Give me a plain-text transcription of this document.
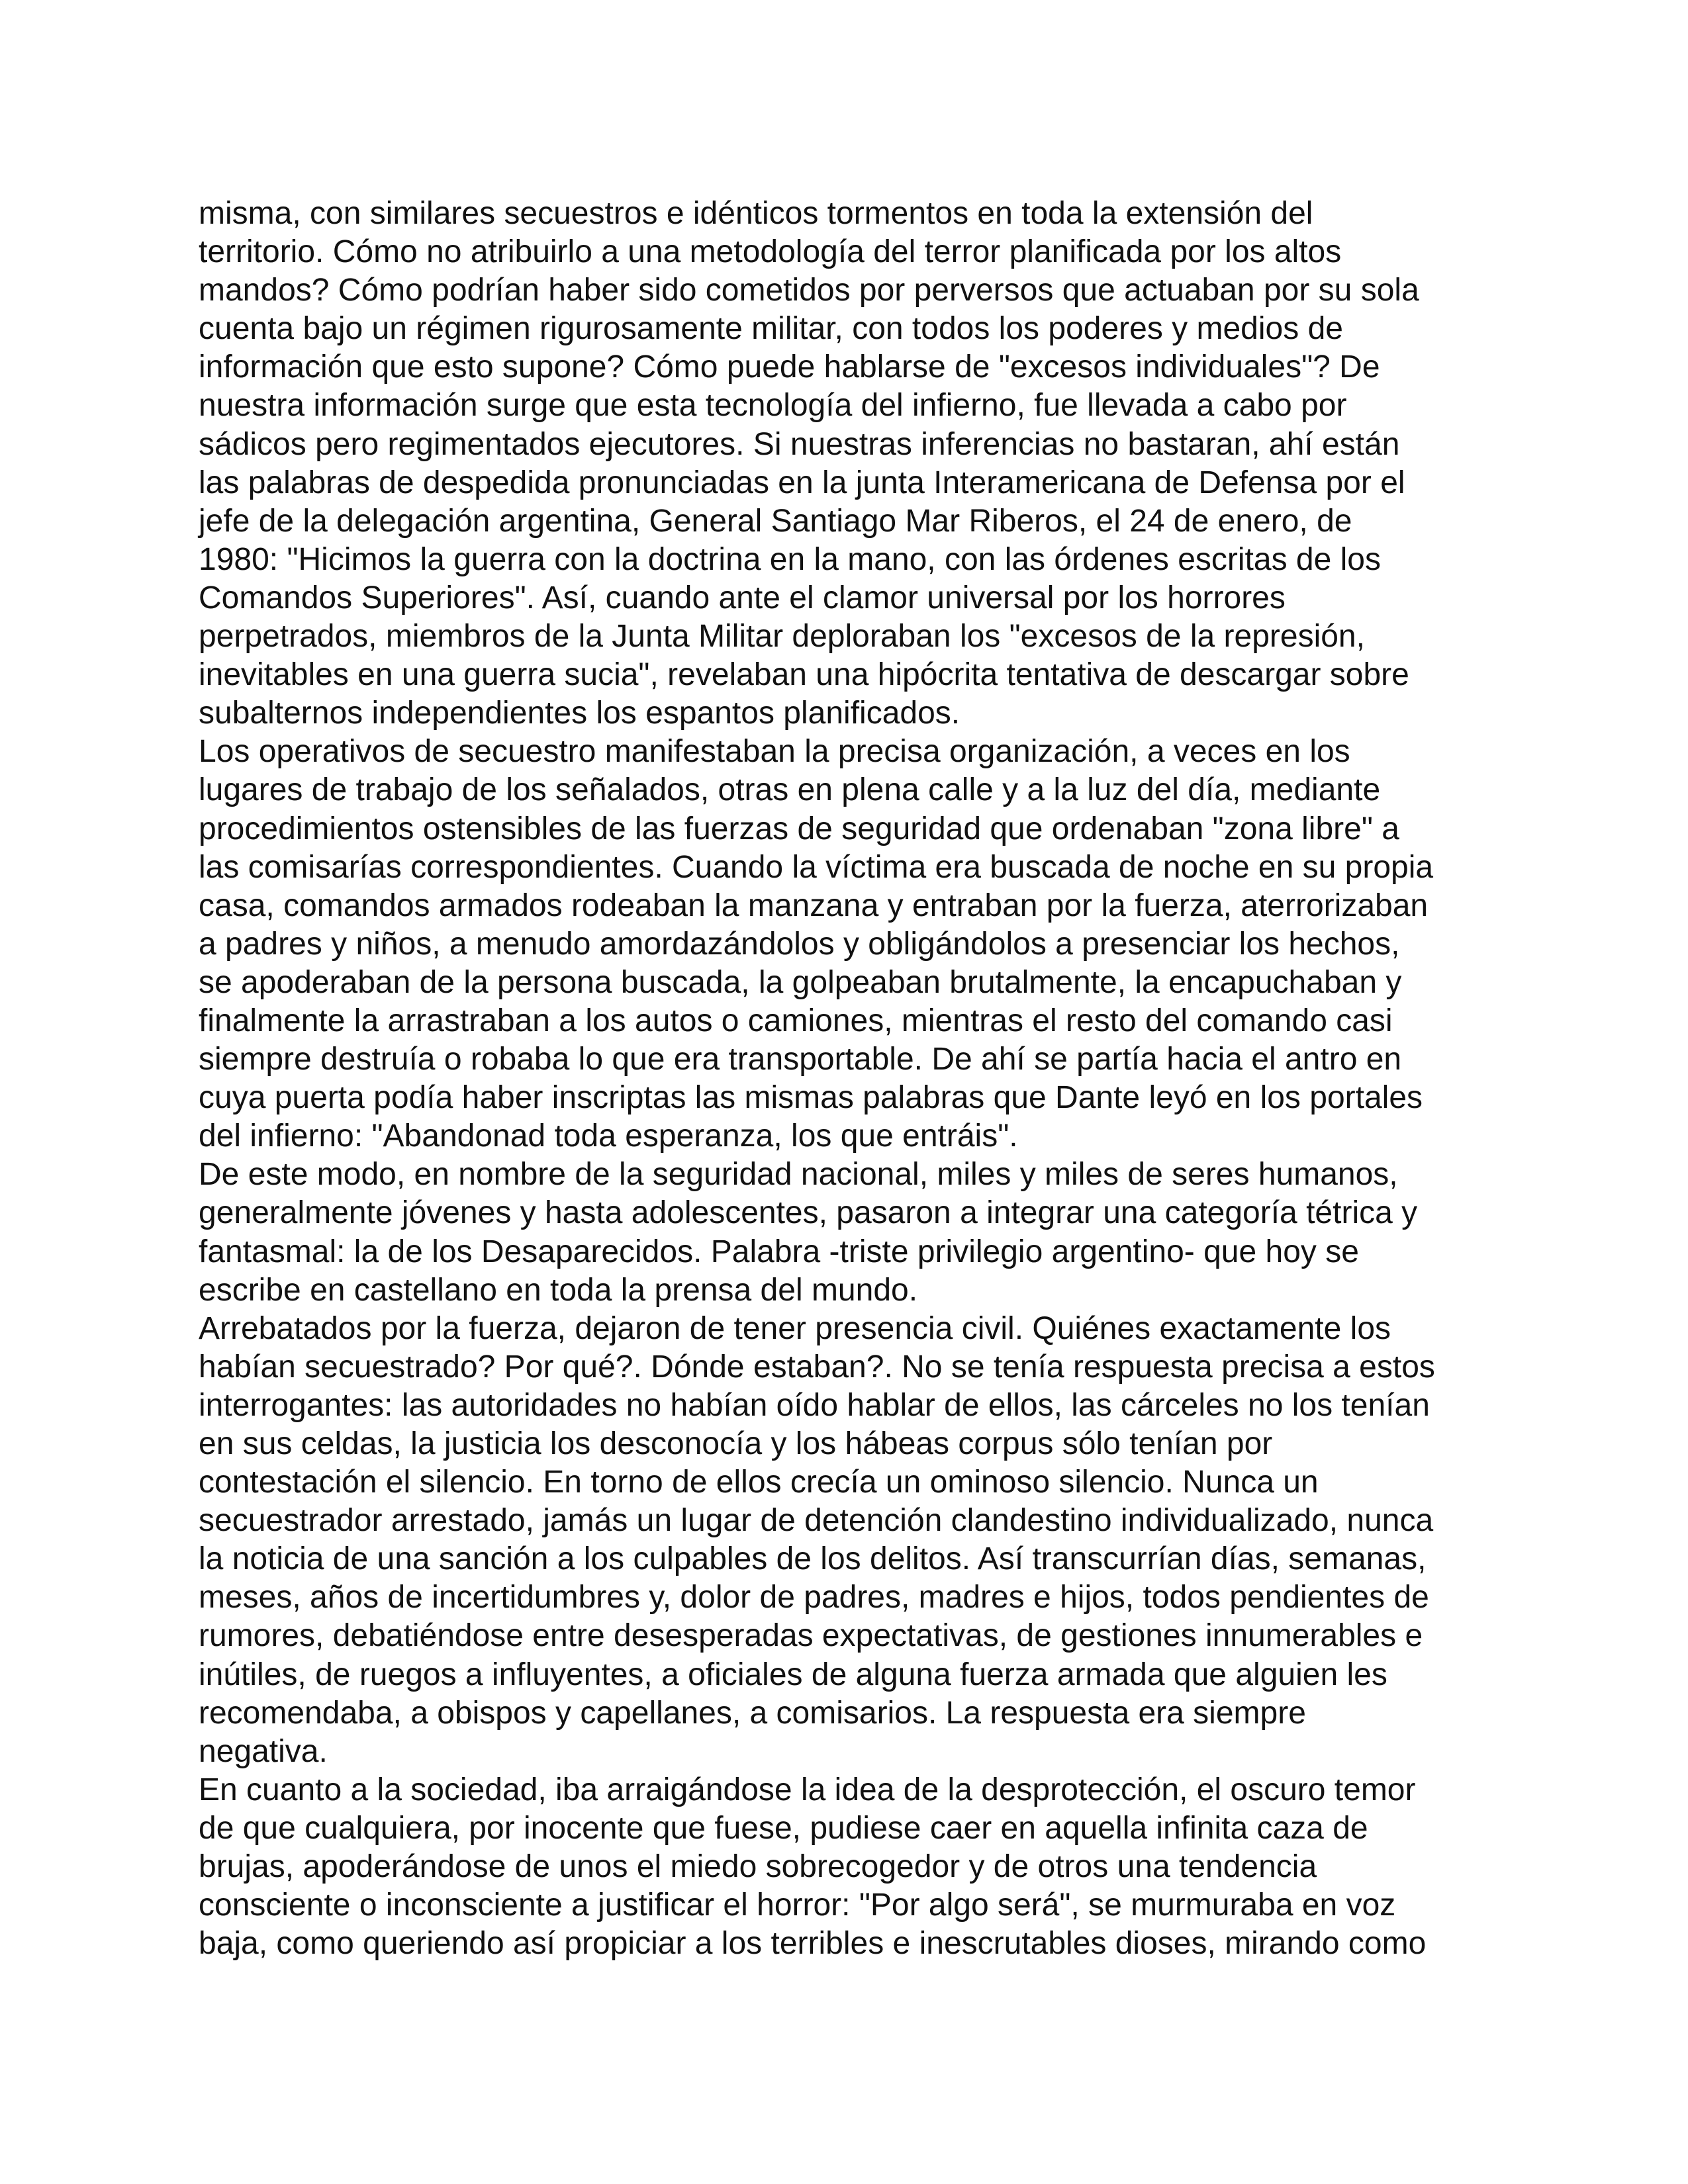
misma, con similares secuestros e idénticos tormentos en toda la extensión del
territorio. Cómo no atribuirlo a una metodología del terror planificada por los altos
mandos? Cómo podrían haber sido cometidos por perversos que actuaban por su sola
cuenta bajo un régimen rigurosamente militar, con todos los poderes y medios de
información que esto supone? Cómo puede hablarse de "excesos individuales"? De
nuestra información surge que esta tecnología del infierno, fue llevada a cabo por
sádicos pero regimentados ejecutores. Si nuestras inferencias no bastaran, ahí están
las palabras de despedida pronunciadas en la junta Interamericana de Defensa por el
jefe de la delegación argentina, General Santiago Mar Riberos, el 24 de enero, de
1980: "Hicimos la guerra con la doctrina en la mano, con las órdenes escritas de los
Comandos Superiores". Así, cuando ante el clamor universal por los horrores
perpetrados, miembros de la Junta Militar deploraban los "excesos de la represión,
inevitables en una guerra sucia", revelaban una hipócrita tentativa de descargar sobre
subalternos independientes los espantos planificados.
Los operativos de secuestro manifestaban la precisa organización, a veces en los
lugares de trabajo de los señalados, otras en plena calle y a la luz del día, mediante
procedimientos ostensibles de las fuerzas de seguridad que ordenaban "zona libre" a
las comisarías correspondientes. Cuando la víctima era buscada de noche en su propia
casa, comandos armados rodeaban la manzana y entraban por la fuerza, aterrorizaban
a padres y niños, a menudo amordazándolos y obligándolos a presenciar los hechos,
se apoderaban de la persona buscada, la golpeaban brutalmente, la encapuchaban y
finalmente la arrastraban a los autos o camiones, mientras el resto del comando casi
siempre destruía o robaba lo que era transportable. De ahí se partía hacia el antro en
cuya puerta podía haber inscriptas las mismas palabras que Dante leyó en los portales
del infierno: "Abandonad toda esperanza, los que entráis".
De este modo, en nombre de la seguridad nacional, miles y miles de seres humanos,
generalmente jóvenes y hasta adolescentes, pasaron a integrar una categoría tétrica y
fantasmal: la de los Desaparecidos. Palabra -triste privilegio argentino- que hoy se
escribe en castellano en toda la prensa del mundo.
Arrebatados por la fuerza, dejaron de tener presencia civil. Quiénes exactamente los
habían secuestrado? Por qué?. Dónde estaban?. No se tenía respuesta precisa a estos
interrogantes: las autoridades no habían oído hablar de ellos, las cárceles no los tenían
en sus celdas, la justicia los desconocía y los hábeas corpus sólo tenían por
contestación el silencio. En torno de ellos crecía un ominoso silencio. Nunca un
secuestrador arrestado, jamás un lugar de detención clandestino individualizado, nunca
la noticia de una sanción a los culpables de los delitos. Así transcurrían días, semanas,
meses, años de incertidumbres y, dolor de padres, madres e hijos, todos pendientes de
rumores, debatiéndose entre desesperadas expectativas, de gestiones innumerables e
inútiles, de ruegos a influyentes, a oficiales de alguna fuerza armada que alguien les
recomendaba, a obispos y capellanes, a comisarios. La respuesta era siempre
negativa.
En cuanto a la sociedad, iba arraigándose la idea de la desprotección, el oscuro temor
de que cualquiera, por inocente que fuese, pudiese caer en aquella infinita caza de
brujas, apoderándose de unos el miedo sobrecogedor y de otros una tendencia
consciente o inconsciente a justificar el horror: "Por algo será", se murmuraba en voz
baja, como queriendo así propiciar a los terribles e inescrutables dioses, mirando como
